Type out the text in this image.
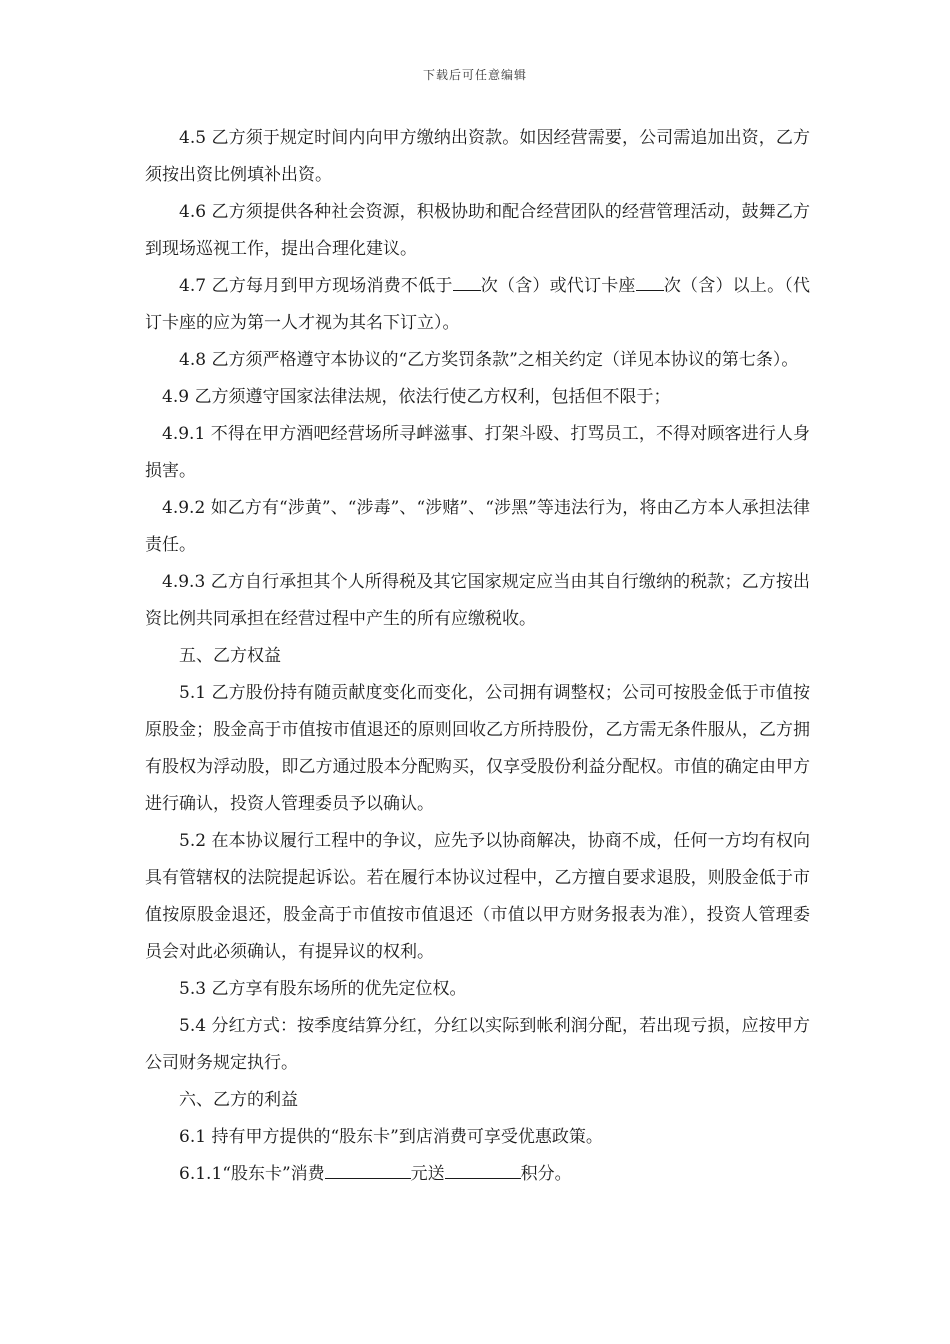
下载后可任意编辑

4.5 乙方须于规定时间内向甲方缴纳出资款。如因经营需要，公司需追加出资，乙方须按出资比例填补出资。

4.6 乙方须提供各种社会资源，积极协助和配合经营团队的经营管理活动，鼓舞乙方到现场巡视工作，提出合理化建议。

4.7 乙方每月到甲方现场消费不低于 次（含）或代订卡座 次（含）以上。（代订卡座的应为第一人才视为其名下订立）。

4.8 乙方须严格遵守本协议的“乙方奖罚条款”之相关约定（详见本协议的第七条）。

4.9 乙方须遵守国家法律法规，依法行使乙方权利，包括但不限于；

4.9.1 不得在甲方酒吧经营场所寻衅滋事、打架斗殴、打骂员工，不得对顾客进行人身损害。

4.9.2 如乙方有“涉黄”、“涉毒”、“涉赌”、“涉黑”等违法行为，将由乙方本人承担法律责任。

4.9.3 乙方自行承担其个人所得税及其它国家规定应当由其自行缴纳的税款；乙方按出资比例共同承担在经营过程中产生的所有应缴税收。

五、乙方权益

5.1 乙方股份持有随贡献度变化而变化，公司拥有调整权；公司可按股金低于市值按原股金；股金高于市值按市值退还的原则回收乙方所持股份，乙方需无条件服从，乙方拥有股权为浮动股，即乙方通过股本分配购买，仅享受股份利益分配权。市值的确定由甲方进行确认，投资人管理委员予以确认。

5.2 在本协议履行工程中的争议，应先予以协商解决，协商不成，任何一方均有权向具有管辖权的法院提起诉讼。若在履行本协议过程中，乙方擅自要求退股，则股金低于市值按原股金退还，股金高于市值按市值退还（市值以甲方财务报表为准），投资人管理委员会对此必须确认，有提异议的权利。

5.3 乙方享有股东场所的优先定位权。

5.4 分红方式：按季度结算分红，分红以实际到帐利润分配，若出现亏损，应按甲方公司财务规定执行。

六、乙方的利益

6.1 持有甲方提供的“股东卡”到店消费可享受优惠政策。

6.1.1“股东卡”消费	元送	积分。
